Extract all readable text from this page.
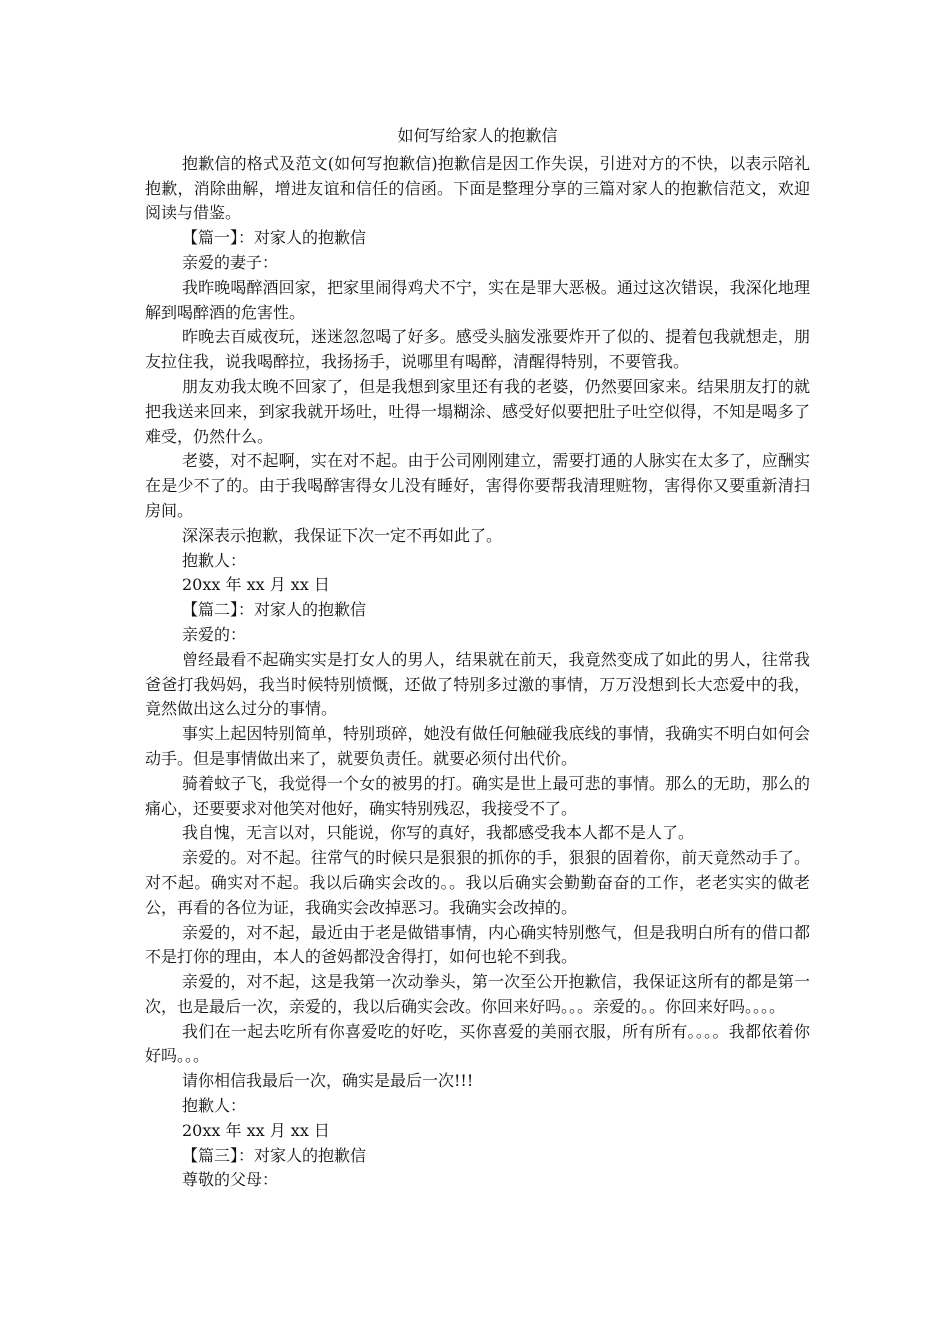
如何写给家人的抱歉信

抱歉信的格式及范文(如何写抱歉信)抱歉信是因工作失误，引进对方的不快，以表示陪礼抱歉，消除曲解，增进友谊和信任的信函。下面是整理分享的三篇对家人的抱歉信范文，欢迎阅读与借鉴。

【篇一】：对家人的抱歉信

亲爱的妻子：

我昨晚喝醉酒回家，把家里闹得鸡犬不宁，实在是罪大恶极。通过这次错误，我深化地理解到喝醉酒的危害性。

昨晚去百威夜玩，迷迷忽忽喝了好多。感受头脑发涨要炸开了似的、提着包我就想走，朋友拉住我，说我喝醉拉，我扬扬手，说哪里有喝醉，清醒得特别，不要管我。

朋友劝我太晚不回家了，但是我想到家里还有我的老婆，仍然要回家来。结果朋友打的就把我送来回来，到家我就开场吐，吐得一塌糊涂、感受好似要把肚子吐空似得，不知是喝多了难受，仍然什么。

老婆，对不起啊，实在对不起。由于公司刚刚建立，需要打通的人脉实在太多了，应酬实在是少不了的。由于我喝醉害得女儿没有睡好，害得你要帮我清理赃物，害得你又要重新清扫房间。

深深表示抱歉，我保证下次一定不再如此了。

抱歉人：

20xx 年 xx 月 xx 日

【篇二】：对家人的抱歉信

亲爱的：

曾经最看不起确实实是打女人的男人，结果就在前天，我竟然变成了如此的男人，往常我爸爸打我妈妈，我当时候特别愤慨，还做了特别多过激的事情，万万没想到长大恋爱中的我，竟然做出这么过分的事情。

事实上起因特别简单，特别琐碎，她没有做任何触碰我底线的事情，我确实不明白如何会动手。但是事情做出来了，就要负责任。就要必须付出代价。

骑着蚊子飞，我觉得一个女的被男的打。确实是世上最可悲的事情。那么的无助，那么的痛心，还要要求对他笑对他好，确实特别残忍，我接受不了。

我自愧，无言以对，只能说，你写的真好，我都感受我本人都不是人了。

亲爱的。对不起。往常气的时候只是狠狠的抓你的手，狠狠的固着你，前天竟然动手了。对不起。确实对不起。我以后确实会改的。。我以后确实会勤勤奋奋的工作，老老实实的做老公，再看的各位为证，我确实会改掉恶习。我确实会改掉的。

亲爱的，对不起，最近由于老是做错事情，内心确实特别憋气，但是我明白所有的借口都不是打你的理由，本人的爸妈都没舍得打，如何也轮不到我。

亲爱的，对不起，这是我第一次动拳头，第一次至公开抱歉信，我保证这所有的都是第一次，也是最后一次，亲爱的，我以后确实会改。你回来好吗。。。亲爱的。。你回来好吗。。。。

我们在一起去吃所有你喜爱吃的好吃，买你喜爱的美丽衣服，所有所有。。。。我都依着你好吗。。。

请你相信我最后一次，确实是最后一次!!!

抱歉人：

20xx 年 xx 月 xx 日

【篇三】：对家人的抱歉信

尊敬的父母：
